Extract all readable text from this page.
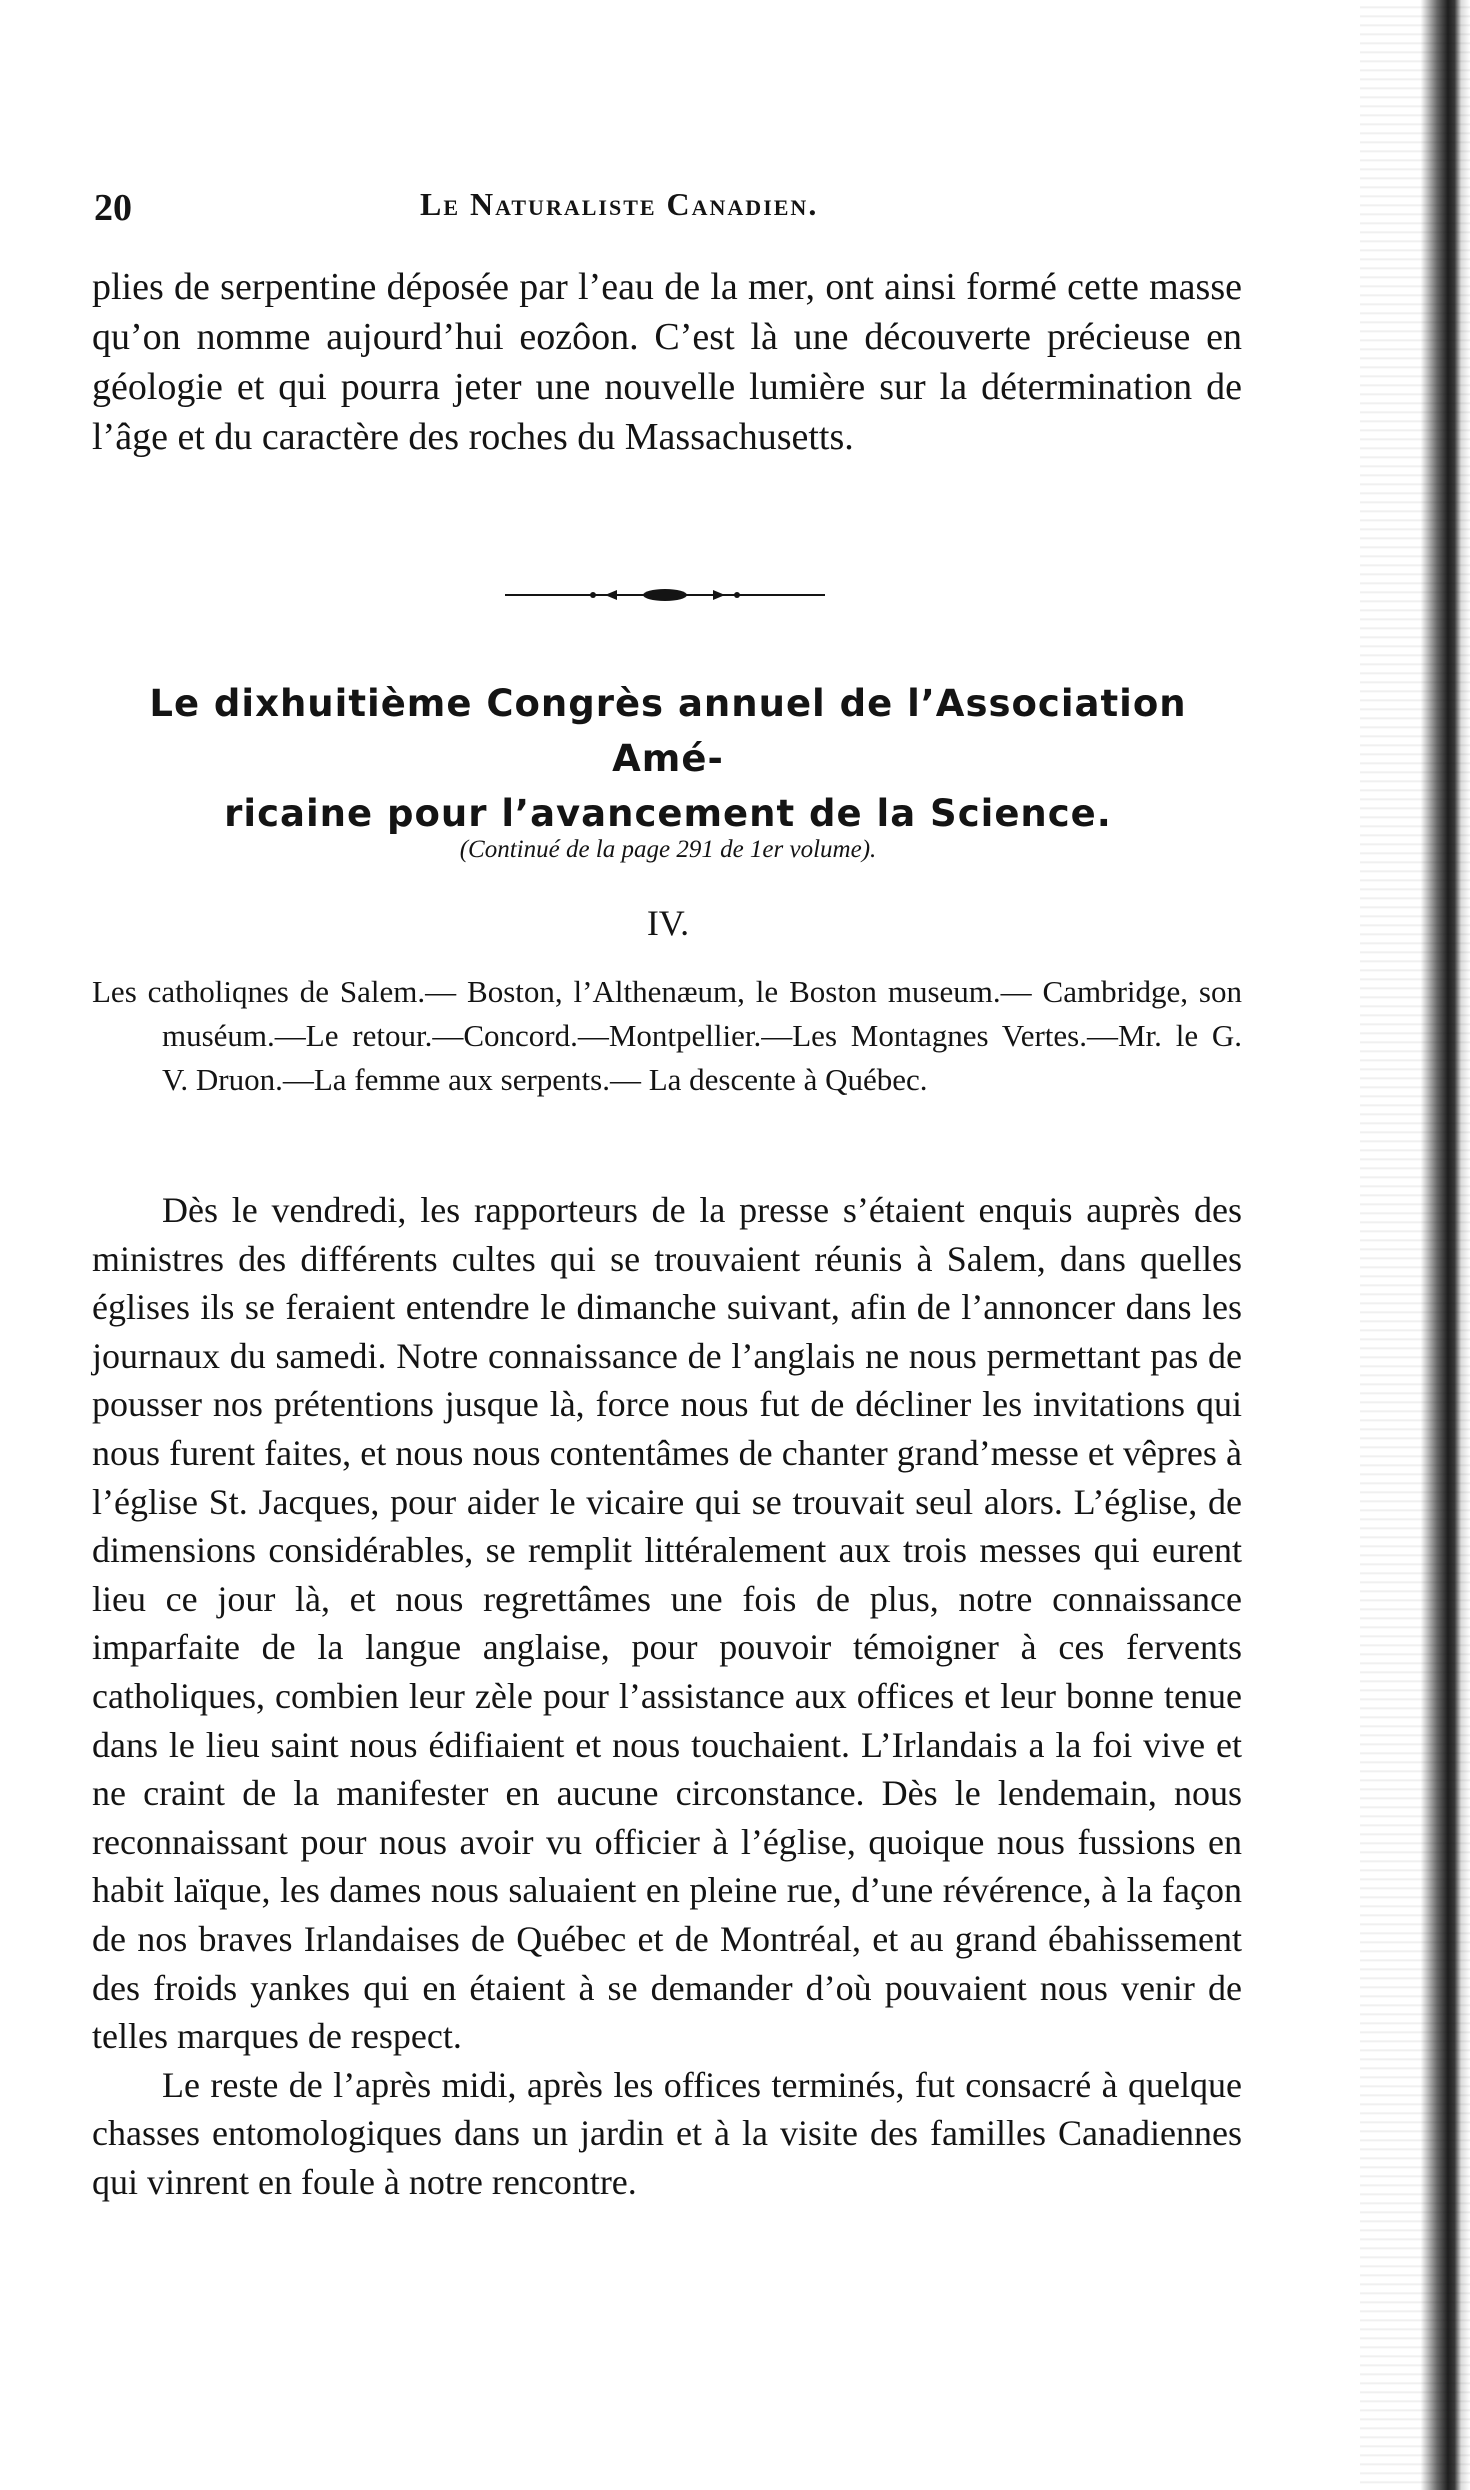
20	Le Naturaliste Canadien.

plies de serpentine déposée par l’eau de la mer, ont ainsi formé cette masse qu’on nomme aujourd’hui eozôon. C’est là une découverte précieuse en géologie et qui pourra jeter une nouvelle lumière sur la détermination de l’âge et du caractère des roches du Massachusetts.

Le dixhuitième Congrès annuel de l’Association Amé-
ricaine pour l’avancement de la Science.
(Continué de la page 291 de 1er volume).
IV.
Les catholiqnes de Salem.— Boston, l’Althenæum, le Boston museum.— Cambridge, son muséum.—Le retour.—Concord.—Montpellier.—Les Montagnes Vertes.—Mr. le G. V. Druon.—La femme aux serpents.— La descente à Québec.

Dès le vendredi, les rapporteurs de la presse s’étaient enquis auprès des ministres des différents cultes qui se trouvaient réunis à Salem, dans quelles églises ils se feraient entendre le dimanche suivant, afin de l’annoncer dans les journaux du samedi. Notre connaissance de l’anglais ne nous permettant pas de pousser nos prétentions jusque là, force nous fut de décliner les invitations qui nous furent faites, et nous nous contentâmes de chanter grand’messe et vêpres à l’église St. Jacques, pour aider le vicaire qui se trouvait seul alors. L’église, de dimensions considérables, se remplit littéralement aux trois messes qui eurent lieu ce jour là, et nous regrettâmes une fois de plus, notre connaissance imparfaite de la langue anglaise, pour pouvoir témoigner à ces fervents catholiques, combien leur zèle pour l’assistance aux offices et leur bonne tenue dans le lieu saint nous édifiaient et nous touchaient. L’Irlandais a la foi vive et ne craint de la manifester en aucune circonstance. Dès le lendemain, nous reconnaissant pour nous avoir vu officier à l’église, quoique nous fussions en habit laïque, les dames nous saluaient en pleine rue, d’une révérence, à la façon de nos braves Irlandaises de Québec et de Montréal, et au grand ébahissement des froids yankes qui en étaient à se demander d’où pouvaient nous venir de telles marques de respect.

Le reste de l’après midi, après les offices terminés, fut consacré à quelque chasses entomologiques dans un jardin et à la visite des familles Canadiennes qui vinrent en foule à notre rencontre.
